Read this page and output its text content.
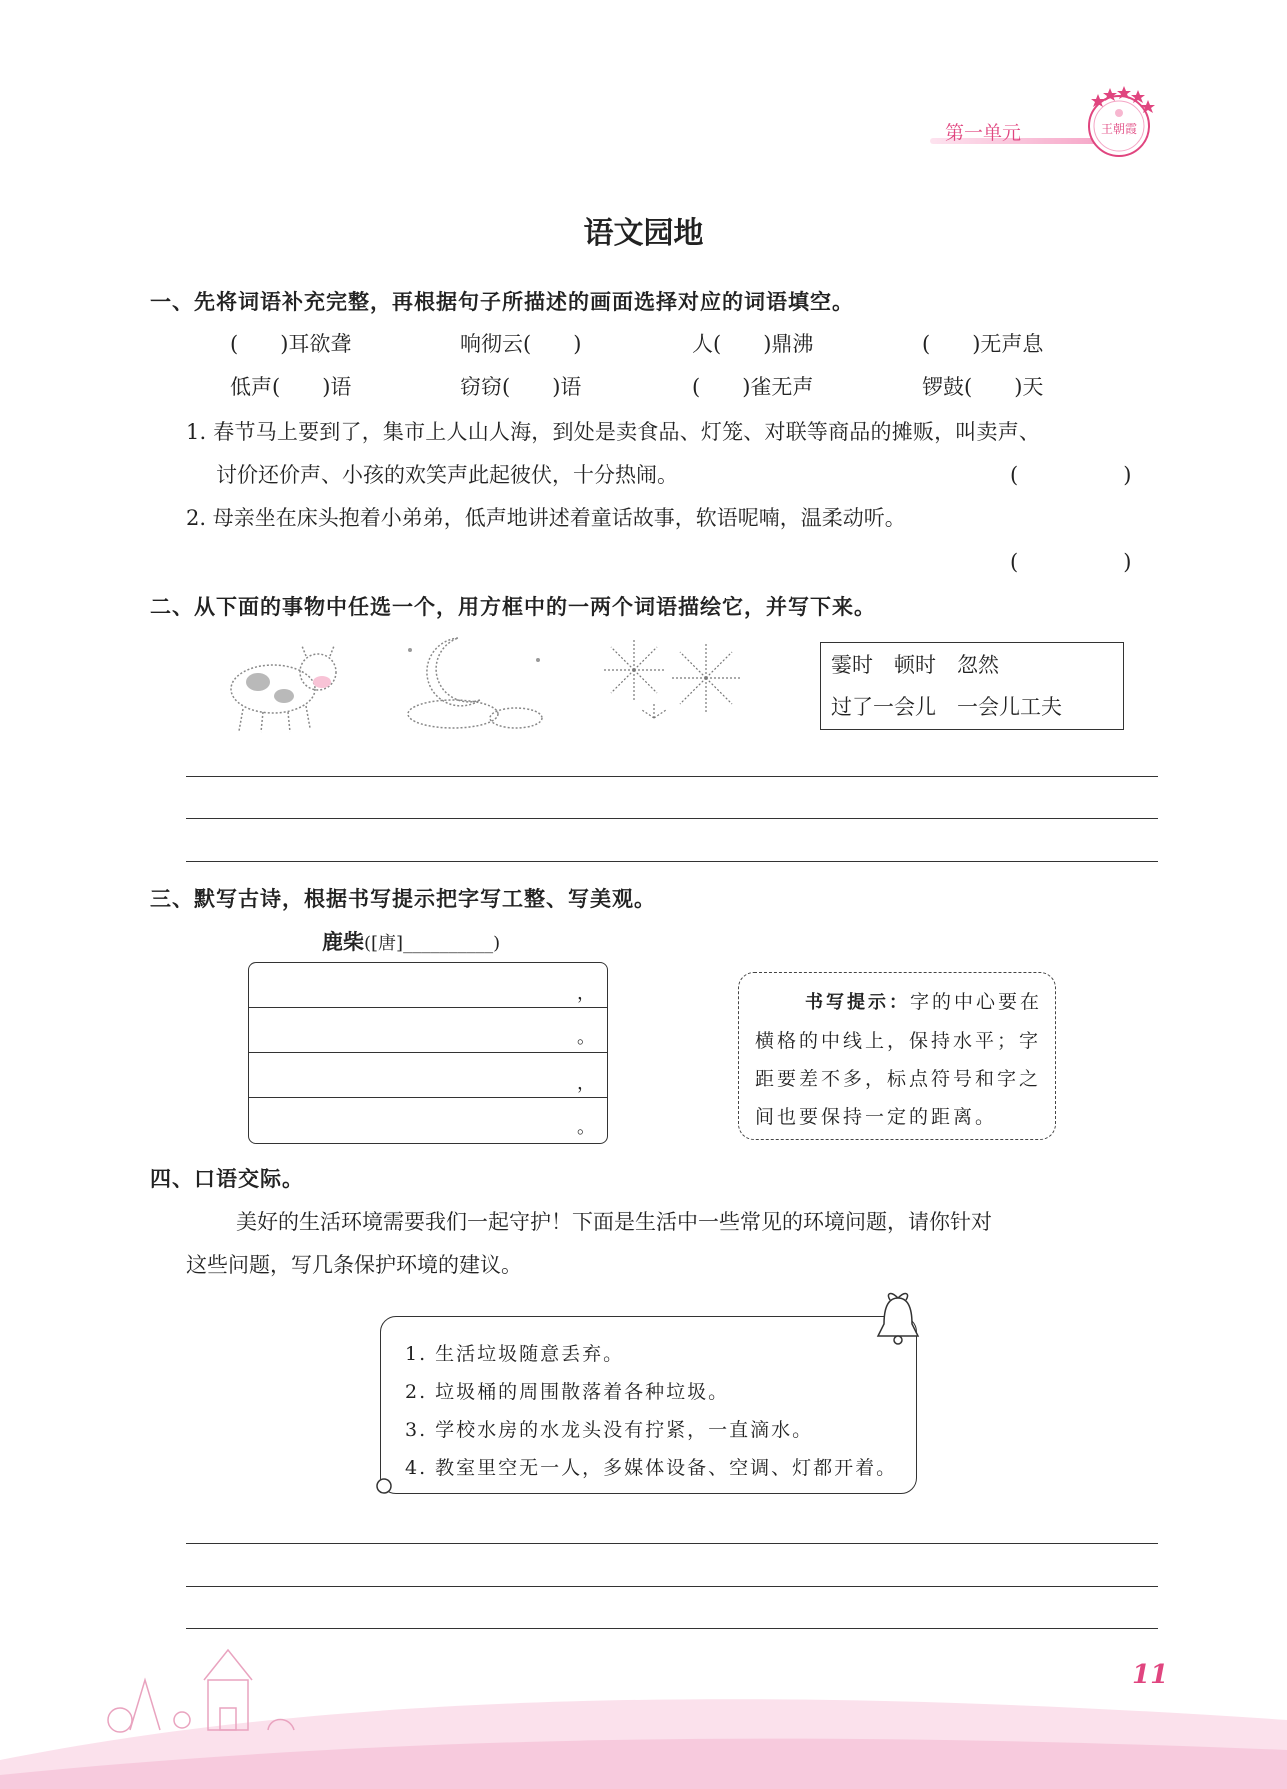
第一单元	王朝霞
语文园地
一、先将词语补充完整，再根据句子所描述的画面选择对应的词语填空。
(　　)耳欲聋	响彻云(　　)	人(　　)鼎沸	(　　)无声息
低声(　　)语	窃窃(　　)语	(　　)雀无声	锣鼓(　　)天
1. 春节马上要到了，集市上人山人海，到处是卖食品、灯笼、对联等商品的摊贩，叫卖声、
讨价还价声、小孩的欢笑声此起彼伏，十分热闹。	(　　　　　)
2. 母亲坐在床头抱着小弟弟，低声地讲述着童话故事，软语呢喃，温柔动听。
(　　　　　)
二、从下面的事物中任选一个，用方框中的一两个词语描绘它，并写下来。
霎时　顿时　忽然
过了一会儿　一会儿工夫
三、默写古诗，根据书写提示把字写工整、写美观。
鹿柴([唐]__________)
，
。
，
。
书写提示：字的中心要在横格的中线上，保持水平；字距要差不多，标点符号和字之间也要保持一定的距离。
四、口语交际。
美好的生活环境需要我们一起守护！下面是生活中一些常见的环境问题，请你针对
这些问题，写几条保护环境的建议。
1. 生活垃圾随意丢弃。
2. 垃圾桶的周围散落着各种垃圾。
3. 学校水房的水龙头没有拧紧，一直滴水。
4. 教室里空无一人，多媒体设备、空调、灯都开着。
11
